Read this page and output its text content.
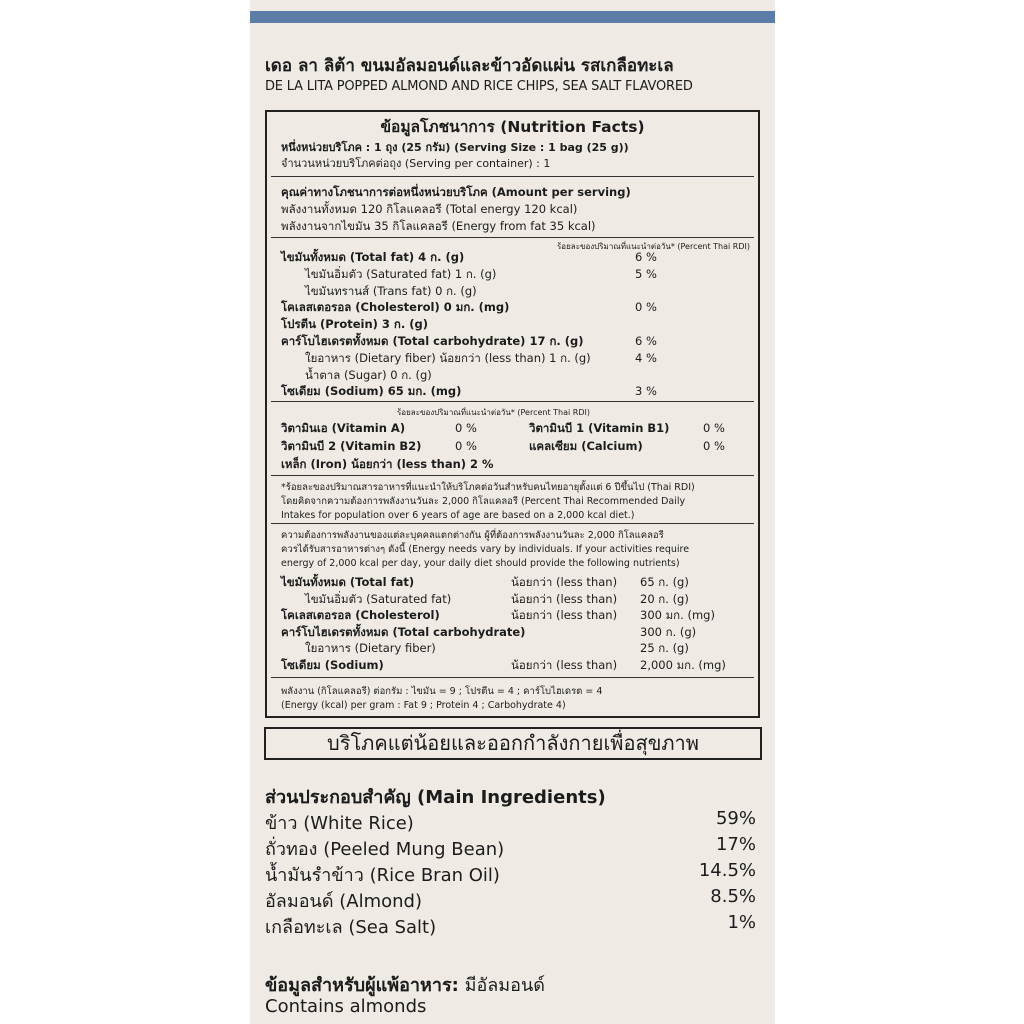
เดอ ลา ลิต้า ขนมอัลมอนด์และข้าวอัดแผ่น รสเกลือทะเล
DE LA LITA POPPED ALMOND AND RICE CHIPS, SEA SALT FLAVORED
ข้อมูลโภชนาการ (Nutrition Facts)
หนึ่งหน่วยบริโภค : 1 ถุง (25 กรัม) (Serving Size : 1 bag (25 g))
จำนวนหน่วยบริโภคต่อถุง (Serving per container) : 1
คุณค่าทางโภชนาการต่อหนึ่งหน่วยบริโภค (Amount per serving)
พลังงานทั้งหมด 120 กิโลแคลอรี (Total energy 120 kcal)
พลังงานจากไขมัน 35 กิโลแคลอรี (Energy from fat 35 kcal)
ร้อยละของปริมาณที่แนะนำต่อวัน* (Percent Thai RDI)
ไขมันทั้งหมด (Total fat) 4 ก. (g)	6 %
ไขมันอิ่มตัว (Saturated fat) 1 ก. (g)	5 %
ไขมันทรานส์ (Trans fat) 0 ก. (g)
โคเลสเตอรอล (Cholesterol) 0 มก. (mg)	0 %
โปรตีน (Protein) 3 ก. (g)
คาร์โบไฮเดรตทั้งหมด (Total carbohydrate) 17 ก. (g)	6 %
ใยอาหาร (Dietary fiber) น้อยกว่า (less than) 1 ก. (g)	4 %
น้ำตาล (Sugar) 0 ก. (g)
โซเดียม (Sodium) 65 มก. (mg)	3 %
ร้อยละของปริมาณที่แนะนำต่อวัน* (Percent Thai RDI)
วิตามินเอ (Vitamin A)	0 %	วิตามินบี 1 (Vitamin B1)	0 %
วิตามินบี 2 (Vitamin B2)	0 %	แคลเซียม (Calcium)	0 %
เหล็ก (Iron) น้อยกว่า (less than) 2 %
*ร้อยละของปริมาณสารอาหารที่แนะนำให้บริโภคต่อวันสำหรับคนไทยอายุตั้งแต่ 6 ปีขึ้นไป (Thai RDI)
โดยคิดจากความต้องการพลังงานวันละ 2,000 กิโลแคลอรี (Percent Thai Recommended Daily
Intakes for population over 6 years of age are based on a 2,000 kcal diet.)
ความต้องการพลังงานของแต่ละบุคคลแตกต่างกัน ผู้ที่ต้องการพลังงานวันละ 2,000 กิโลแคลอรี
ควรได้รับสารอาหารต่างๆ ดังนี้ (Energy needs vary by individuals. If your activities require
energy of 2,000 kcal per day, your daily diet should provide the following nutrients)
ไขมันทั้งหมด (Total fat)	น้อยกว่า (less than) 65 ก. (g)
ไขมันอิ่มตัว (Saturated fat)	น้อยกว่า (less than) 20 ก. (g)
โคเลสเตอรอล (Cholesterol)	น้อยกว่า (less than) 300 มก. (mg)
คาร์โบไฮเดรตทั้งหมด (Total carbohydrate)	300 ก. (g)
ใยอาหาร (Dietary fiber)	25 ก. (g)
โซเดียม (Sodium)	น้อยกว่า (less than) 2,000 มก. (mg)
พลังงาน (กิโลแคลอรี) ต่อกรัม : ไขมัน = 9 ; โปรตีน = 4 ; คาร์โบไฮเดรต = 4
(Energy (kcal) per gram : Fat 9 ; Protein 4 ; Carbohydrate 4)
บริโภคแต่น้อยและออกกำลังกายเพื่อสุขภาพ
ส่วนประกอบสำคัญ (Main Ingredients)
ข้าว (White Rice)	59%
ถั่วทอง (Peeled Mung Bean)	17%
น้ำมันรำข้าว (Rice Bran Oil)	14.5%
อัลมอนด์ (Almond)	8.5%
เกลือทะเล (Sea Salt)	1%
ข้อมูลสำหรับผู้แพ้อาหาร: มีอัลมอนด์
Contains almonds
